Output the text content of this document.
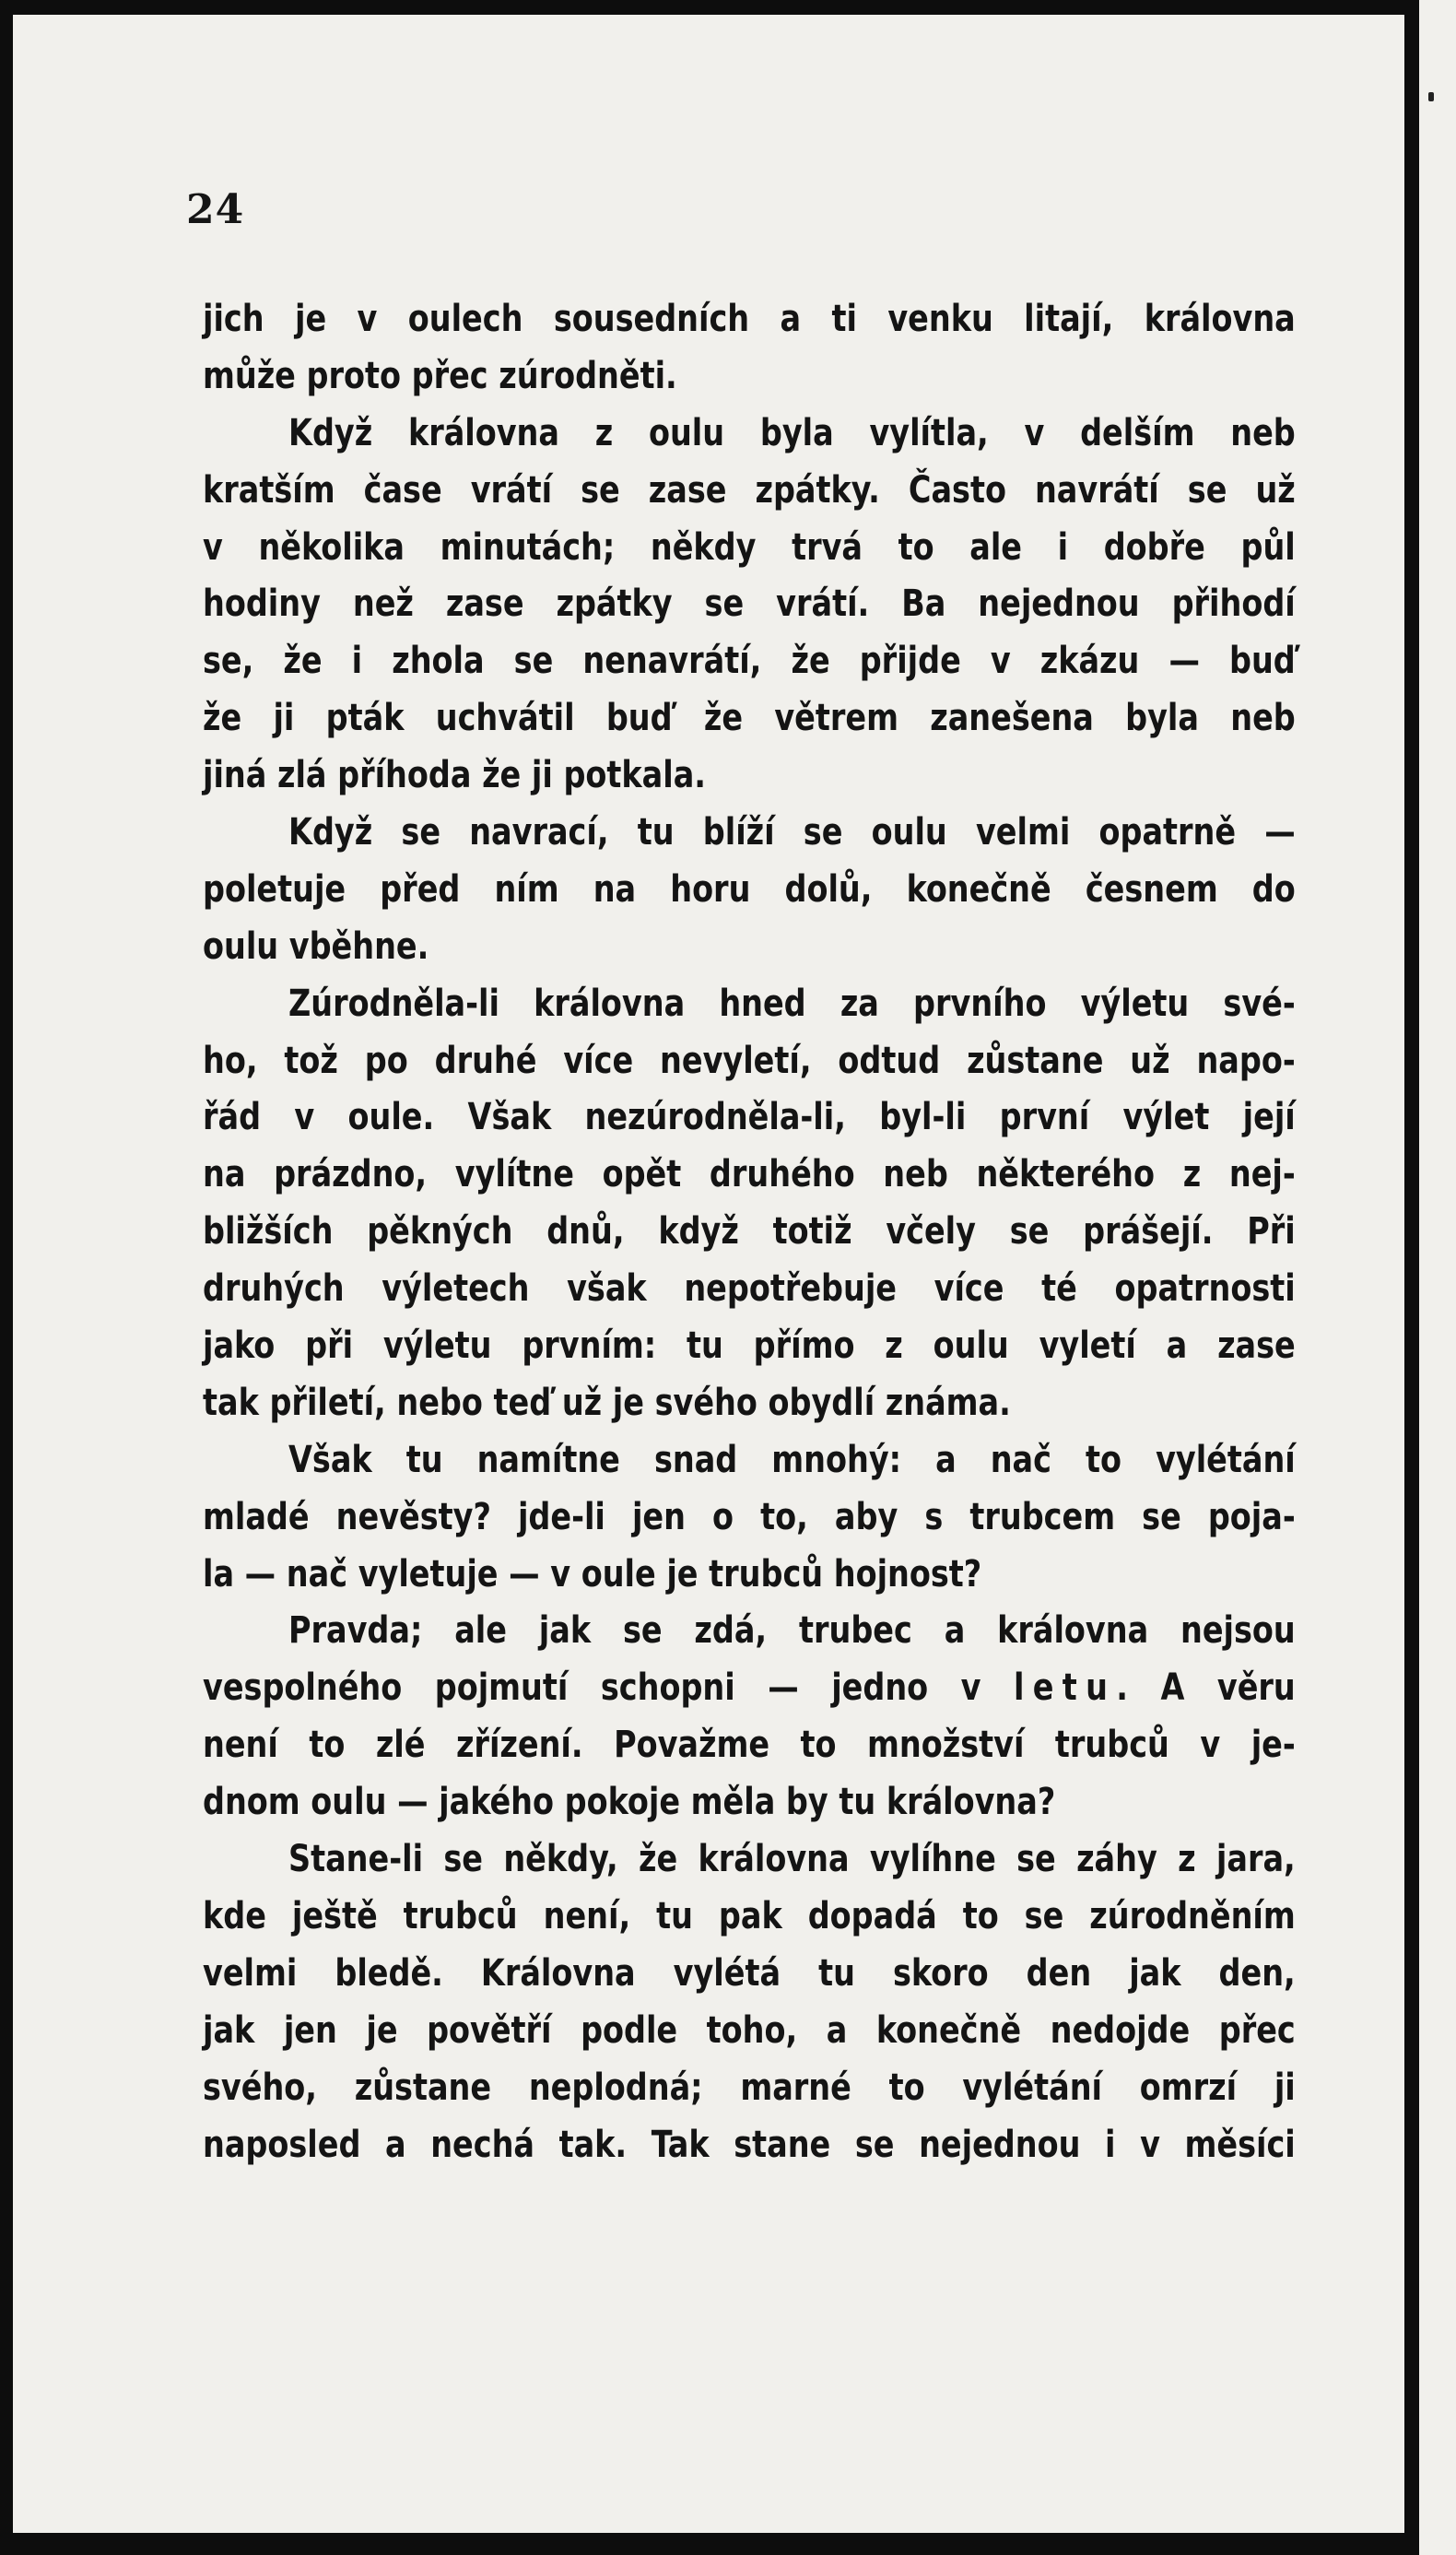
24
jich je v oulech sousedních a ti venku litají, královna
může proto přec zúrodněti.
Když královna z oulu byla vylítla, v delším neb
kratším čase vrátí se zase zpátky. Často navrátí se už
v několika minutách; někdy trvá to ale i dobře půl
hodiny než zase zpátky se vrátí. Ba nejednou přihodí
se, že i zhola se nenavrátí, že přijde v zkázu — buď
že ji pták uchvátil buď že větrem zanešena byla neb
jiná zlá příhoda že ji potkala.
Když se navrací, tu blíží se oulu velmi opatrně —
poletuje před ním na horu dolů, konečně česnem do
oulu vběhne.
Zúrodněla-li královna hned za prvního výletu své-
ho, tož po druhé více nevyletí, odtud zůstane už napo-
řád v oule. Však nezúrodněla-li, byl-li první výlet její
na prázdno, vylítne opět druhého neb některého z nej-
bližších pěkných dnů, když totiž včely se prášejí. Při
druhých výletech však nepotřebuje více té opatrnosti
jako při výletu prvním: tu přímo z oulu vyletí a zase
tak přiletí, nebo teď už je svého obydlí známa.
Však tu namítne snad mnohý: a nač to vylétání
mladé nevěsty? jde-li jen o to, aby s trubcem se poja-
la — nač vyletuje — v oule je trubců hojnost?
Pravda; ale jak se zdá, trubec a královna nejsou
vespolného pojmutí schopni — jedno v letu. A věru
není to zlé zřízení. Považme to množství trubců v je-
dnom oulu — jakého pokoje měla by tu královna?
Stane-li se někdy, že královna vylíhne se záhy z jara,
kde ještě trubců není, tu pak dopadá to se zúrodněním
velmi bledě. Královna vylétá tu skoro den jak den,
jak jen je povětří podle toho, a konečně nedojde přec
svého, zůstane neplodná; marné to vylétání omrzí ji
naposled a nechá tak. Tak stane se nejednou i v měsíci
